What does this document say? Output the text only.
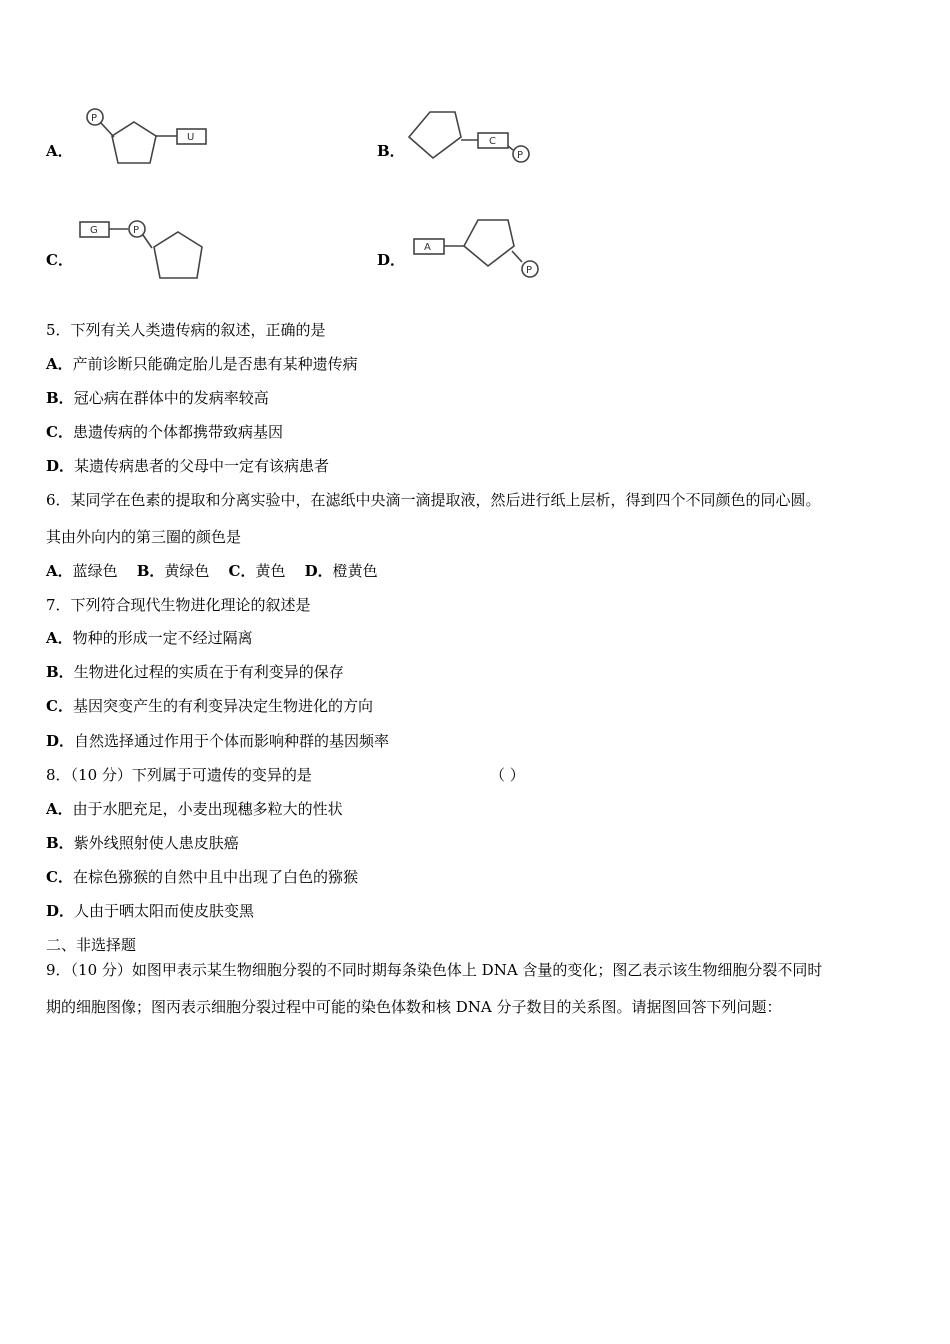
A．
P
U
B．
C
P
C．
G	P
D．
A
P
5．下列有关人类遗传病的叙述，正确的是
A．产前诊断只能确定胎儿是否患有某种遗传病
B．冠心病在群体中的发病率较高
C．患遗传病的个体都携带致病基因
D．某遗传病患者的父母中一定有该病患者
6．某同学在色素的提取和分离实验中，在滤纸中央滴一滴提取液，然后进行纸上层析，得到四个不同颜色的同心圆。
其由外向内的第三圈的颜色是
A．蓝绿色 B．黄绿色 C．黄色 D．橙黄色
7．下列符合现代生物进化理论的叙述是
A．物种的形成一定不经过隔离
B．生物进化过程的实质在于有利变异的保存
C．基因突变产生的有利变异决定生物进化的方向
D．自然选择通过作用于个体而影响种群的基因频率
8．（10 分）下列属于可遗传的变异的是	（ ）
A．由于水肥充足，小麦出现穗多粒大的性状
B．紫外线照射使人患皮肤癌
C．在棕色猕猴的自然中且中出现了白色的猕猴
D．人由于晒太阳而使皮肤变黑
二、非选择题
9．（10 分）如图甲表示某生物细胞分裂的不同时期每条染色体上 DNA 含量的变化；图乙表示该生物细胞分裂不同时
期的细胞图像；图丙表示细胞分裂过程中可能的染色体数和核 DNA 分子数目的关系图。请据图回答下列问题：
